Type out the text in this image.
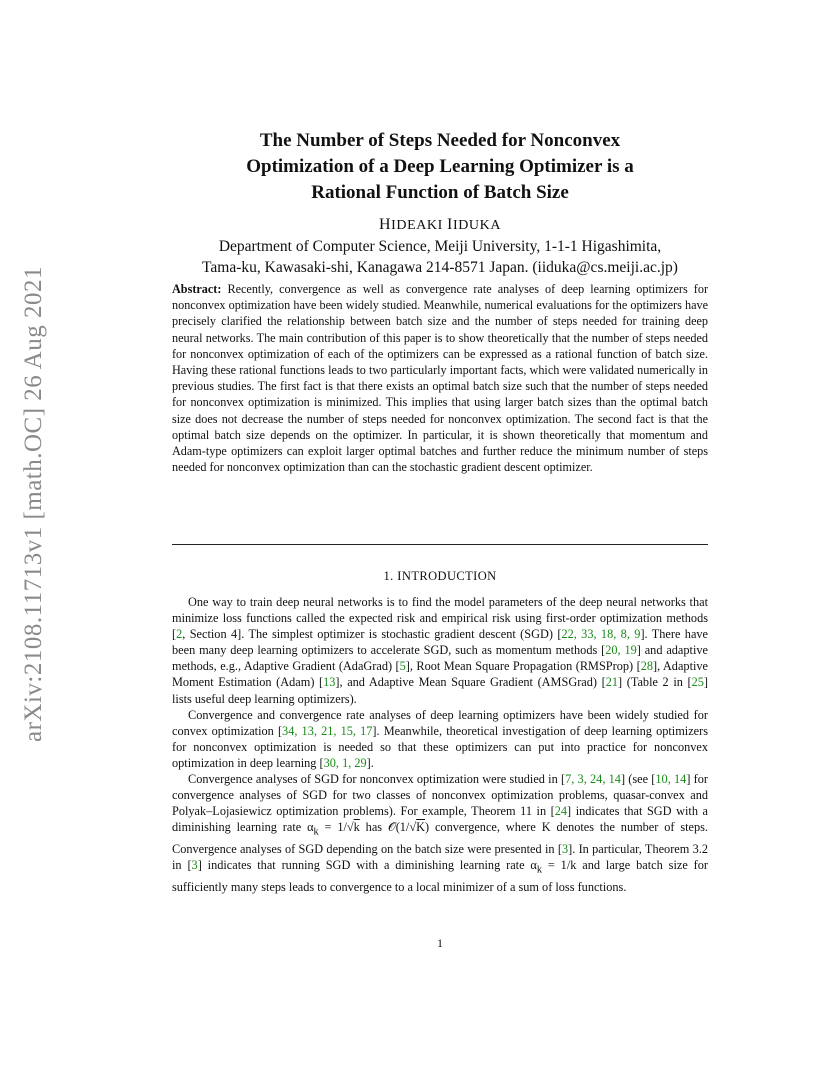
arXiv:2108.11713v1 [math.OC] 26 Aug 2021
The Number of Steps Needed for Nonconvex
Optimization of a Deep Learning Optimizer is a
Rational Function of Batch Size
HIDEAKI IIDUKA
Department of Computer Science, Meiji University, 1-1-1 Higashimita,
Tama-ku, Kawasaki-shi, Kanagawa 214-8571 Japan. (iiduka@cs.meiji.ac.jp)
Abstract: Recently, convergence as well as convergence rate analyses of deep learning optimizers for nonconvex optimization have been widely studied. Meanwhile, numerical evaluations for the optimizers have precisely clarified the relationship between batch size and the number of steps needed for training deep neural networks. The main contribution of this paper is to show theoretically that the number of steps needed for nonconvex optimization of each of the optimizers can be expressed as a rational function of batch size. Having these rational functions leads to two particularly important facts, which were validated numerically in previous studies. The first fact is that there exists an optimal batch size such that the number of steps needed for nonconvex optimization is minimized. This implies that using larger batch sizes than the optimal batch size does not decrease the number of steps needed for nonconvex optimization. The second fact is that the optimal batch size depends on the optimizer. In particular, it is shown theoretically that momentum and Adam-type optimizers can exploit larger optimal batches and further reduce the minimum number of steps needed for nonconvex optimization than can the stochastic gradient descent optimizer.
1. INTRODUCTION

One way to train deep neural networks is to find the model parameters of the deep neural networks that minimize loss functions called the expected risk and empirical risk using first-order optimization methods [2, Section 4]. The simplest optimizer is stochastic gradient descent (SGD) [22, 33, 18, 8, 9]. There have been many deep learning optimizers to accelerate SGD, such as momentum methods [20, 19] and adaptive methods, e.g., Adaptive Gradient (AdaGrad) [5], Root Mean Square Propagation (RMSProp) [28], Adaptive Moment Estimation (Adam) [13], and Adaptive Mean Square Gradient (AMSGrad) [21] (Table 2 in [25] lists useful deep learning optimizers).

Convergence and convergence rate analyses of deep learning optimizers have been widely studied for convex optimization [34, 13, 21, 15, 17]. Meanwhile, theoretical investigation of deep learning optimizers for nonconvex optimization is needed so that these optimizers can put into practice for nonconvex optimization in deep learning [30, 1, 29].

Convergence analyses of SGD for nonconvex optimization were studied in [7, 3, 24, 14] (see [10, 14] for convergence analyses of SGD for two classes of nonconvex optimization problems, quasar-convex and Polyak–Lojasiewicz optimization problems). For example, Theorem 11 in [24] indicates that SGD with a diminishing learning rate $\alpha_k = 1/√k$ has 𝒪(1/√K) convergence, where K denotes the number of steps. Convergence analyses of SGD depending on the batch size were presented in [3]. In particular, Theorem 3.2 in [3] indicates that running SGD with a diminishing learning rate $\alpha_k = 1/k$ and large batch size for sufficiently many steps leads to convergence to a local minimizer of a sum of loss functions.

1
